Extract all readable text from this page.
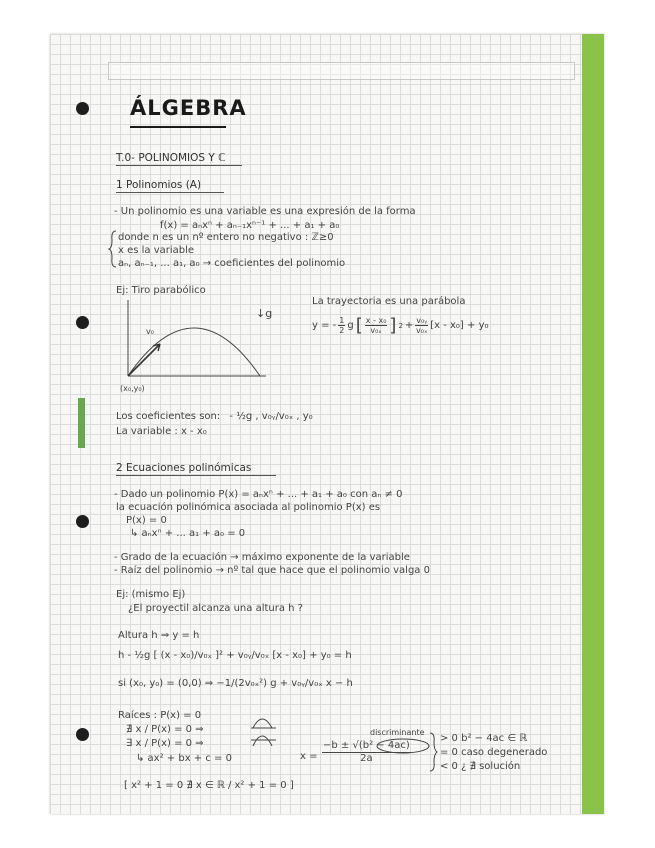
ÁLGEBRA
T.0- POLINOMIOS Y ℂ
1 Polinomios (A)
- Un polinomio es una variable es una expresión de la forma
f(x) = aₙxⁿ + aₙ₋₁xⁿ⁻¹ + ... + a₁ + a₀
donde n es un nº entero no negativo : ℤ≥0
x es la variable
aₙ, aₙ₋₁, ... a₁, a₀ → coeficientes del polinomio
Ej: Tiro parabólico
v₀
(x₀,y₀)
↓g
La trayectoria es una parábola
y = - $\frac{1}{2}$ g [ $\frac{\text{x - x₀}}{\text{v₀ₓ}}$ ] $2 + \frac{\text{v₀ᵧ}}{\text{v₀ₓ}} [x - x_0] + y_0$
Los coeficientes son: - ½g , v₀ᵧ/v₀ₓ , y₀
La variable : x - x₀
2 Ecuaciones polinómicas
- Dado un polinomio P(x) = aₙxⁿ + ... + a₁ + a₀ con aₙ ≠ 0
la ecuación polinómica asociada al polinomio P(x) es
P(x) = 0
↳ aₙxⁿ + ... a₁ + a₀ = 0
- Grado de la ecuación → máximo exponente de la variable
- Raíz del polinomio → nº tal que hace que el polinomio valga 0
Ej: (mismo Ej)
¿El proyectil alcanza una altura h ?
Altura h ⇒ y = h
h - ½g [ (x - x₀)/v₀ₓ ]² + v₀ᵧ/v₀ₓ [x - x₀] + y₀ = h
si (x₀, y₀) = (0,0) ⇒ −1/(2v₀ₓ²) g + v₀ᵧ/v₀ₓ x − h
Raíces : P(x) = 0
∄ x / P(x) = 0 ⇒
∃ x / P(x) = 0 ⇒
↳ ax² + bx + c = 0	x =
discriminante
$\frac{\text{−b ± √(b² − 4ac)}}{2a}$
> 0 b² − 4ac ∈ ℝ
= 0 caso degenerado
< 0 ¿ ∄ solución
[ x² + 1 = 0 ∄ x ∈ ℝ / x² + 1 = 0 ]
